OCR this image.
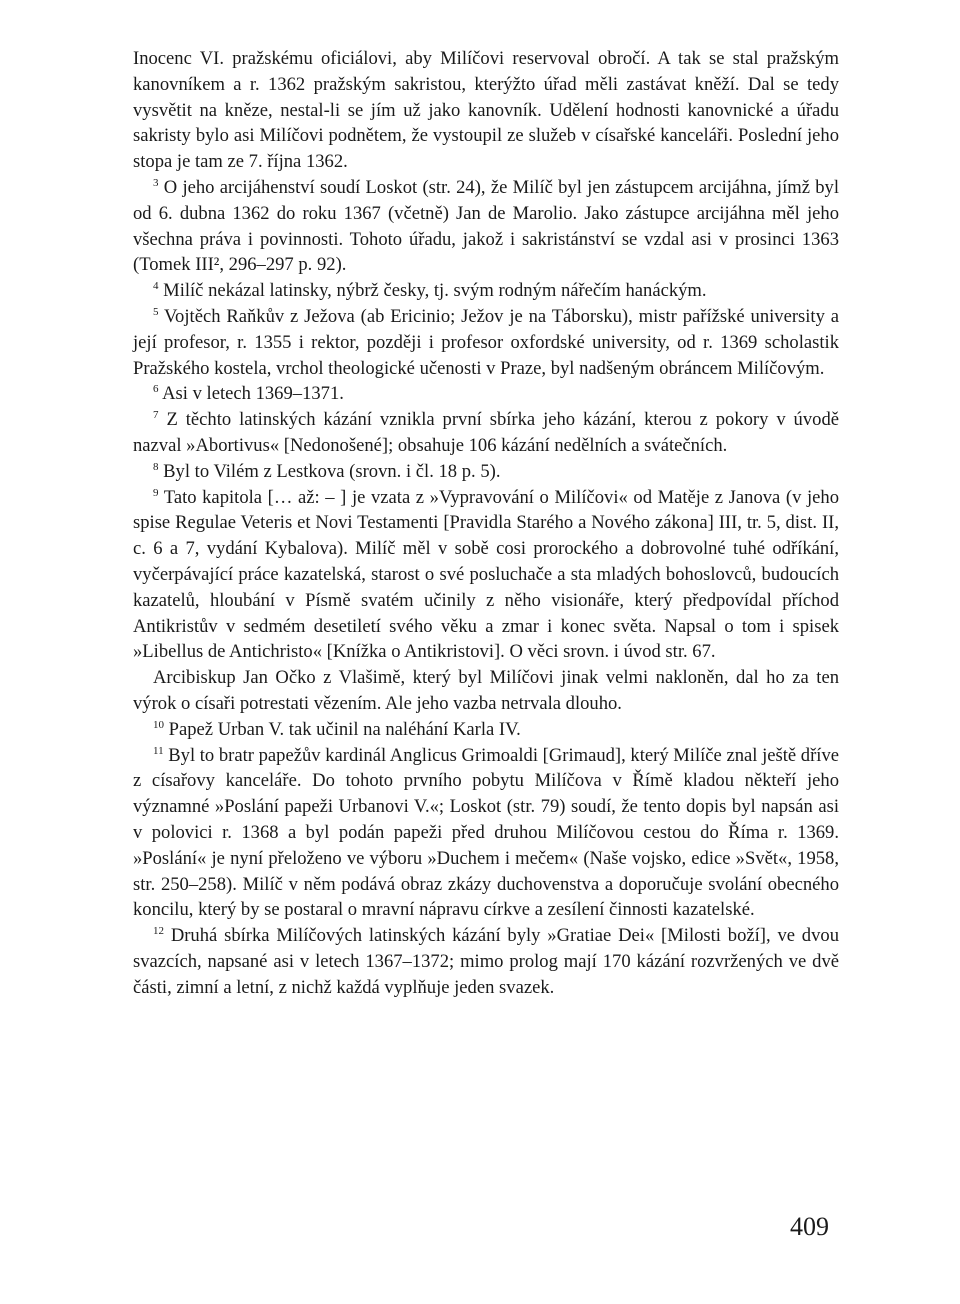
Inocenc VI. pražskému oficiálovi, aby Milíčovi reservoval obročí. A tak se stal pražským kanovníkem a r. 1362 pražským sakristou, kterýžto úřad měli zastávat kněží. Dal se tedy vysvětit na kněze, nestal-li se jím už jako kanovník. Udělení hodnosti kanovnické a úřadu sakristy bylo asi Milíčovi podnětem, že vystoupil ze služeb v císařské kanceláři. Poslední jeho stopa je tam ze 7. října 1362.

$^3$ O jeho arcijáhenství soudí Loskot (str. 24), že Milíč byl jen zástupcem arcijáhna, jímž byl od 6. dubna 1362 do roku 1367 (včetně) Jan de Marolio. Jako zástupce arcijáhna měl jeho všechna práva i povinnosti. Tohoto úřadu, jakož i sakristánství se vzdal asi v prosinci 1363 (Tomek III², 296–297 p. 92).

$^4$ Milíč nekázal latinsky, nýbrž česky, tj. svým rodným nářečím hanáckým.

$^5$ Vojtěch Raňkův z Ježova (ab Ericinio; Ježov je na Táborsku), mistr pařížské university a její profesor, r. 1355 i rektor, později i profesor oxfordské university, od r. 1369 scholastik Pražského kostela, vrchol theologické učenosti v Praze, byl nadšeným obráncem Milíčovým.

$^6$ Asi v letech 1369–1371.

$^7$ Z těchto latinských kázání vznikla první sbírka jeho kázání, kterou z pokory v úvodě nazval »Abortivus« [Nedonošené]; obsahuje 106 kázání nedělních a svátečních.

$^8$ Byl to Vilém z Lestkova (srovn. i čl. 18 p. 5).

$^9$ Tato kapitola [… až: – ] je vzata z »Vypravování o Milíčovi« od Matěje z Janova (v jeho spise Regulae Veteris et Novi Testamenti [Pravidla Starého a Nového zákona] III, tr. 5, dist. II, c. 6 a 7, vydání Kybalova). Milíč měl v sobě cosi prorockého a dobrovolné tuhé odříkání, vyčerpávající práce kazatelská, starost o své posluchače a sta mladých bohoslovců, budoucích kazatelů, hloubání v Písmě svatém učinily z něho visionáře, který předpovídal příchod Antikristův v sedmém desetiletí svého věku a zmar i konec světa. Napsal o tom i spisek »Libellus de Antichristo« [Knížka o Antikristovi]. O věci srovn. i úvod str. 67.

Arcibiskup Jan Očko z Vlašimě, který byl Milíčovi jinak velmi nakloněn, dal ho za ten výrok o císaři potrestati vězením. Ale jeho vazba netrvala dlouho.

$^{10}$ Papež Urban V. tak učinil na naléhání Karla IV.

$^{11}$ Byl to bratr papežův kardinál Anglicus Grimoaldi [Grimaud], který Milíče znal ještě dříve z císařovy kanceláře. Do tohoto prvního pobytu Milíčova v Římě kladou někteří jeho významné »Poslání papeži Urbanovi V.«; Loskot (str. 79) soudí, že tento dopis byl napsán asi v polovici r. 1368 a byl podán papeži před druhou Milíčovou cestou do Říma r. 1369. »Poslání« je nyní přeloženo ve výboru »Duchem i mečem« (Naše vojsko, edice »Svět«, 1958, str. 250–258). Milíč v něm podává obraz zkázy duchovenstva a doporučuje svolání obecného koncilu, který by se postaral o mravní nápravu církve a zesílení činnosti kazatelské.

$^{12}$ Druhá sbírka Milíčových latinských kázání byly »Gratiae Dei« [Milosti boží], ve dvou svazcích, napsané asi v letech 1367–1372; mimo prolog mají 170 kázání rozvržených ve dvě části, zimní a letní, z nichž každá vyplňuje jeden svazek.

409
